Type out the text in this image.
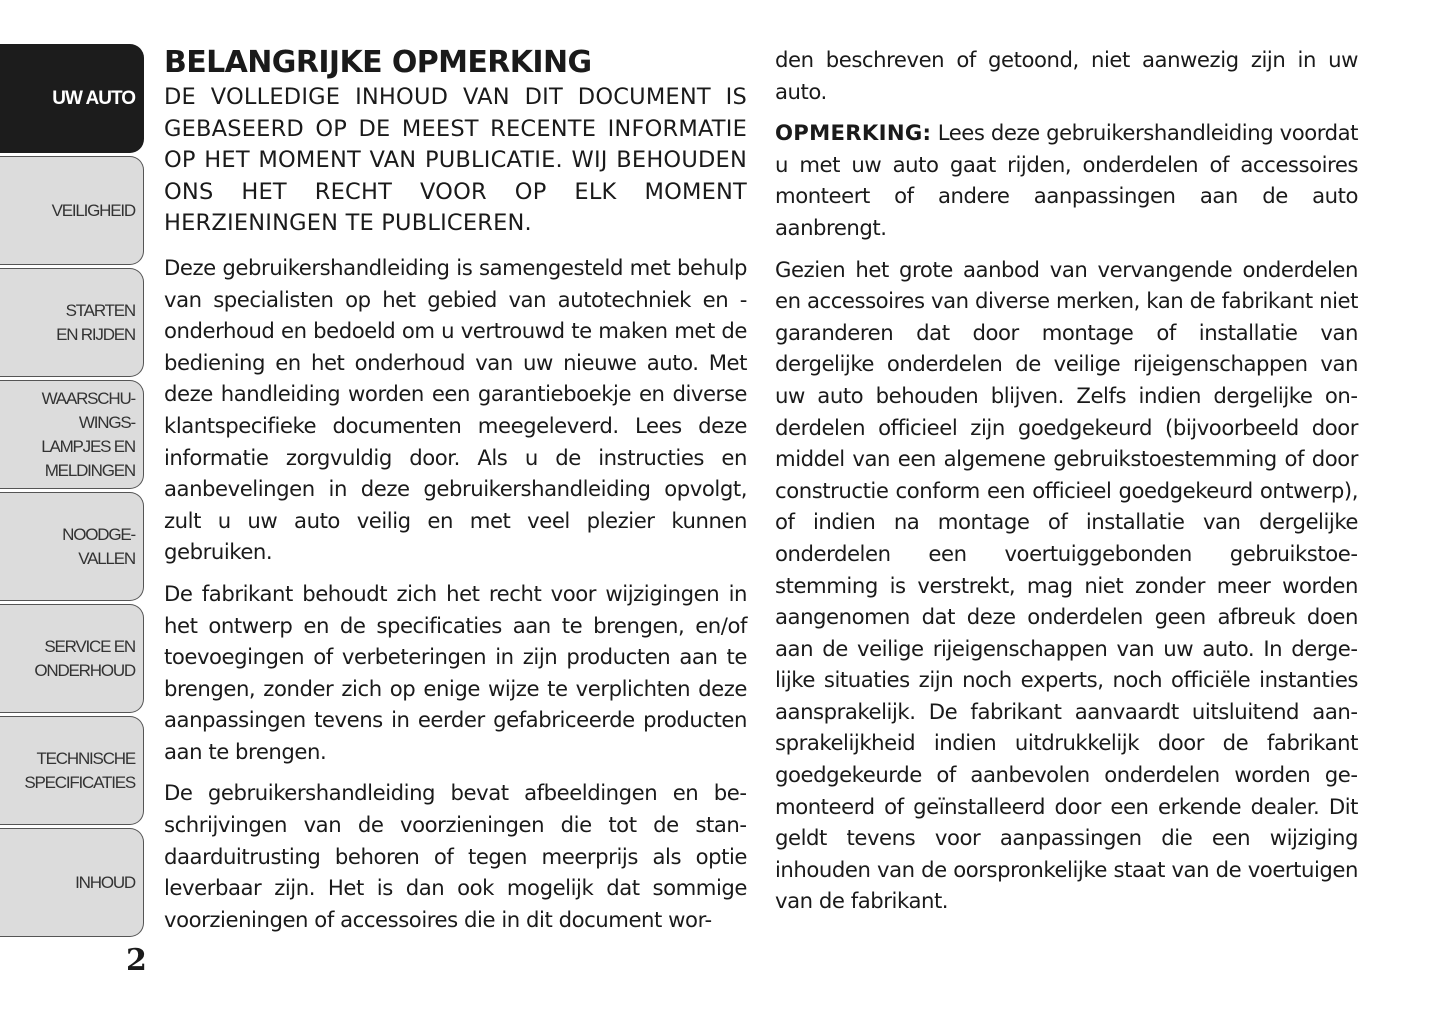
UW AUTO
VEILIGHEID
STARTEN
EN RIJDEN
WAARSCHU-
WINGS-
LAMPJES EN
MELDINGEN
NOODGE-
VALLEN
SERVICE EN
ONDERHOUD
TECHNISCHE
SPECIFICATIES
INHOUD
2
BELANGRIJKE OPMERKING

DE VOLLEDIGE INHOUD VAN DIT DOCUMENT IS GEBASEERD OP DE MEEST RECENTE INFORMATIE OP HET MOMENT VAN PUBLICATIE. WIJ BEHOUDEN ONS HET RECHT VOOR OP ELK MOMENT HERZIENINGEN TE PUBLICEREN.

Deze gebruikershandleiding is samengesteld met behulp van specialisten op het gebied van autotechniek en -onderhoud en bedoeld om u vertrouwd te maken met de bediening en het onderhoud van uw nieuwe auto. Met deze handleiding worden een garantieboekje en diverse klantspecifieke documenten meegeleverd. Lees deze informatie zorgvuldig door. Als u de instructies en aanbevelingen in deze gebruikershandleiding opvolgt, zult u uw auto veilig en met veel plezier kunnen gebruiken.

De fabrikant behoudt zich het recht voor wijzigingen in het ontwerp en de specificaties aan te brengen, en/of toevoegingen of verbeteringen in zijn producten aan te brengen, zonder zich op enige wijze te verplichten deze aanpassingen tevens in eerder gefabriceerde producten aan te brengen.

De gebruikershandleiding bevat afbeeldingen en beschrijvingen van de voorzieningen die tot de standaarduitrusting behoren of tegen meerprijs als optie leverbaar zijn. Het is dan ook mogelijk dat sommige voorzieningen of accessoires die in dit document wor-

den beschreven of getoond, niet aanwezig zijn in uw auto.

OPMERKING: Lees deze gebruikershandleiding voordat u met uw auto gaat rijden, onderdelen of accessoires monteert of andere aanpassingen aan de auto aanbrengt.

Gezien het grote aanbod van vervangende onderdelen en accessoires van diverse merken, kan de fabrikant niet garanderen dat door montage of installatie van dergelijke onderdelen de veilige rijeigenschappen van uw auto behouden blijven. Zelfs indien dergelijke onderdelen officieel zijn goedgekeurd (bijvoorbeeld door middel van een algemene gebruikstoestemming of door constructie conform een officieel goedgekeurd ontwerp), of indien na montage of installatie van dergelijke onderdelen een voertuiggebonden gebruikstoestemming is verstrekt, mag niet zonder meer worden aangenomen dat deze onderdelen geen afbreuk doen aan de veilige rijeigenschappen van uw auto. In dergelijke situaties zijn noch experts, noch officiële instanties aansprakelijk. De fabrikant aanvaardt uitsluitend aansprakelijkheid indien uitdrukkelijk door de fabrikant goedgekeurde of aanbevolen onderdelen worden gemonteerd of geïnstalleerd door een erkende dealer. Dit geldt tevens voor aanpassingen die een wijziging inhouden van de oorspronkelijke staat van de voertuigen van de fabrikant.
